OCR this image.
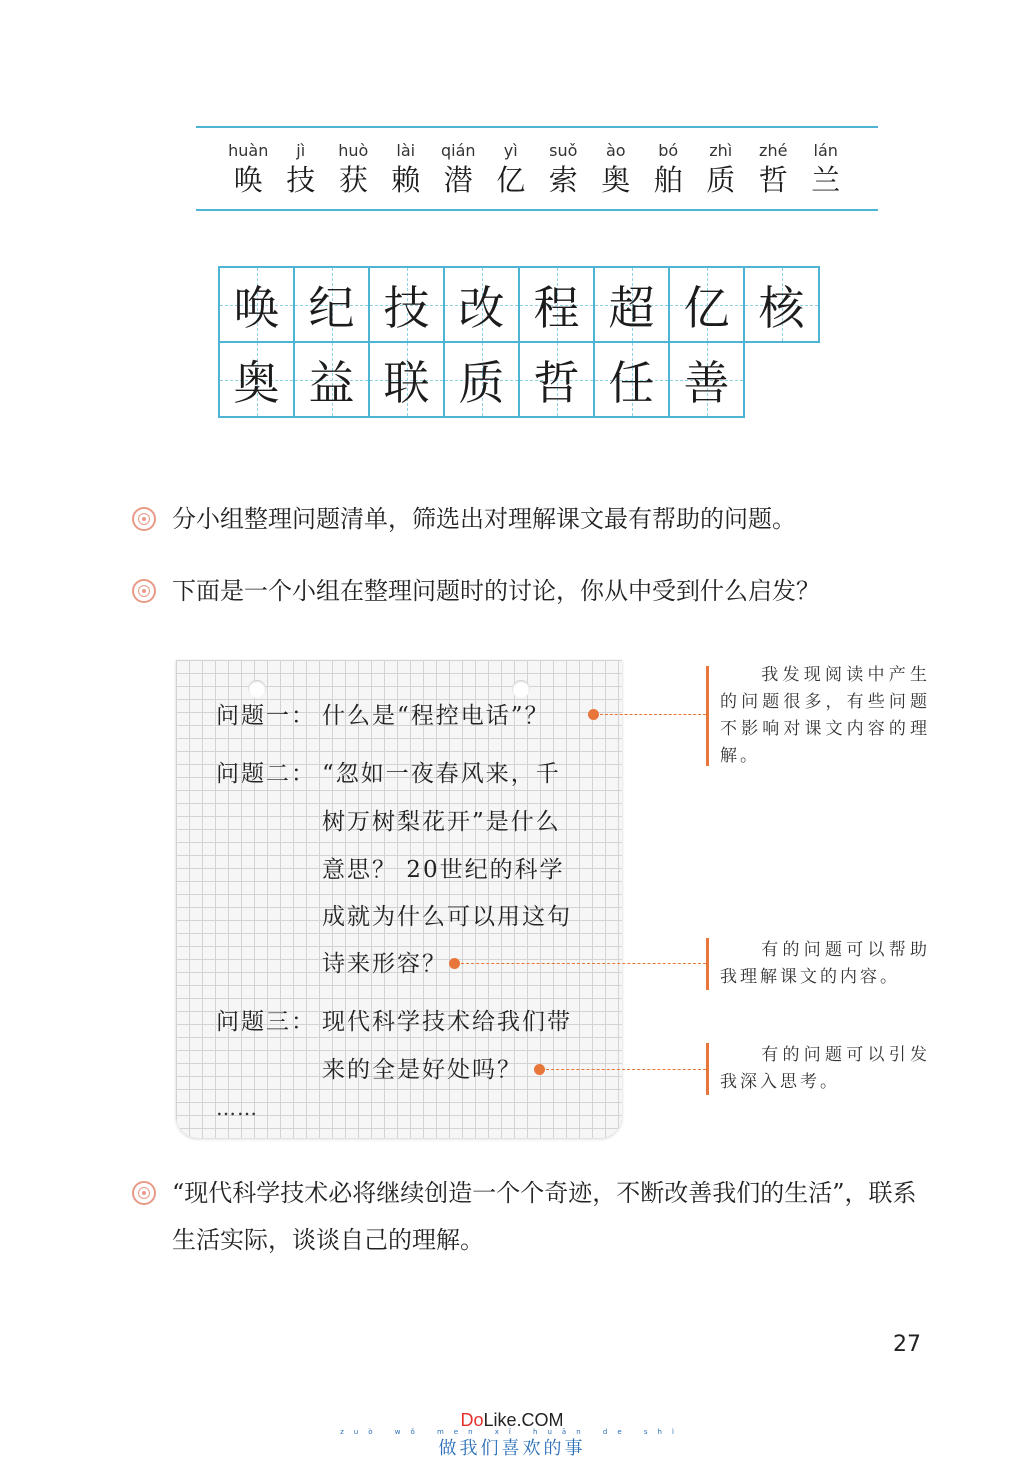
huàn
唤
jì
技
huò
获
lài
赖
qián
潜
yì
亿
suǒ
索
ào
奥
bó
舶
zhì
质
zhé
哲
lán
兰
唤 纪 技 改 程 超 亿 核
奥 益 联 质 哲 任 善
分小组整理问题清单，筛选出对理解课文最有帮助的问题。
下面是一个小组在整理问题时的讨论，你从中受到什么启发？
问题一： 什么是“程控电话”？
问题二： “忽如一夜春风来，千
树万树梨花开”是什么
意思？ 20世纪的科学
成就为什么可以用这句
诗来形容？
问题三： 现代科学技术给我们带
来的全是好处吗？
……
我发现阅读中产生的问题很多，有些问题不影响对课文内容的理解。
有的问题可以帮助我理解课文的内容。
有的问题可以引发我深入思考。
“现代科学技术必将继续创造一个个奇迹，不断改善我们的生活”，联系生活实际，谈谈自己的理解。
27
DoLike.COM
zuò wǒ men xǐ huān de shì
做我们喜欢的事
